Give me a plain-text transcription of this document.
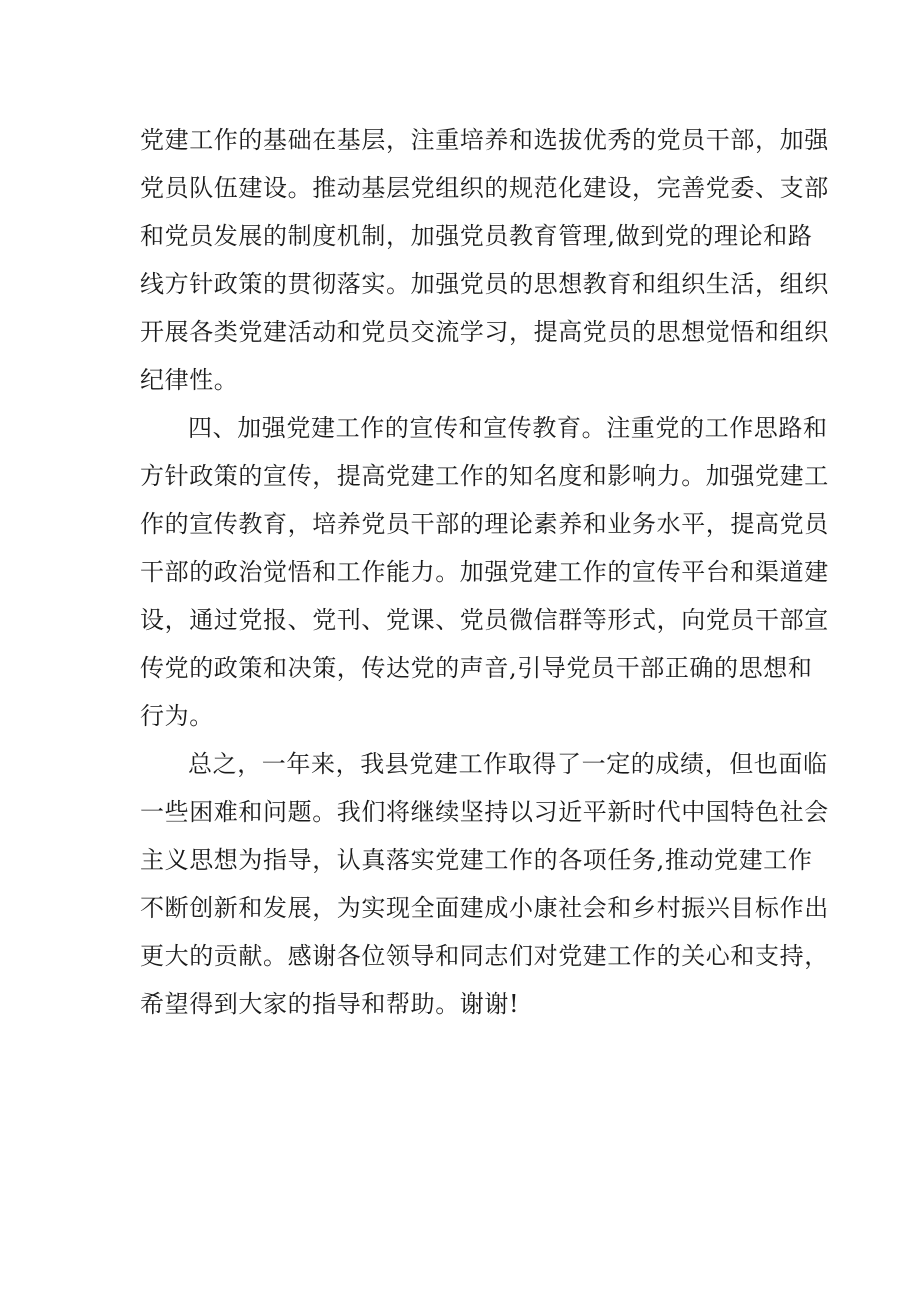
党建工作的基础在基层，注重培养和选拔优秀的党员干部，加强
党员队伍建设。推动基层党组织的规范化建设，完善党委、支部
和党员发展的制度机制，加强党员教育管理,做到党的理论和路
线方针政策的贯彻落实。加强党员的思想教育和组织生活，组织
开展各类党建活动和党员交流学习，提高党员的思想觉悟和组织
纪律性。
四、加强党建工作的宣传和宣传教育。注重党的工作思路和
方针政策的宣传，提高党建工作的知名度和影响力。加强党建工
作的宣传教育，培养党员干部的理论素养和业务水平，提高党员
干部的政治觉悟和工作能力。加强党建工作的宣传平台和渠道建
设，通过党报、党刊、党课、党员微信群等形式，向党员干部宣
传党的政策和决策，传达党的声音,引导党员干部正确的思想和
行为。
总之，一年来，我县党建工作取得了一定的成绩，但也面临
一些困难和问题。我们将继续坚持以习近平新时代中国特色社会
主义思想为指导，认真落实党建工作的各项任务,推动党建工作
不断创新和发展，为实现全面建成小康社会和乡村振兴目标作出
更大的贡献。感谢各位领导和同志们对党建工作的关心和支持，
希望得到大家的指导和帮助。谢谢!
